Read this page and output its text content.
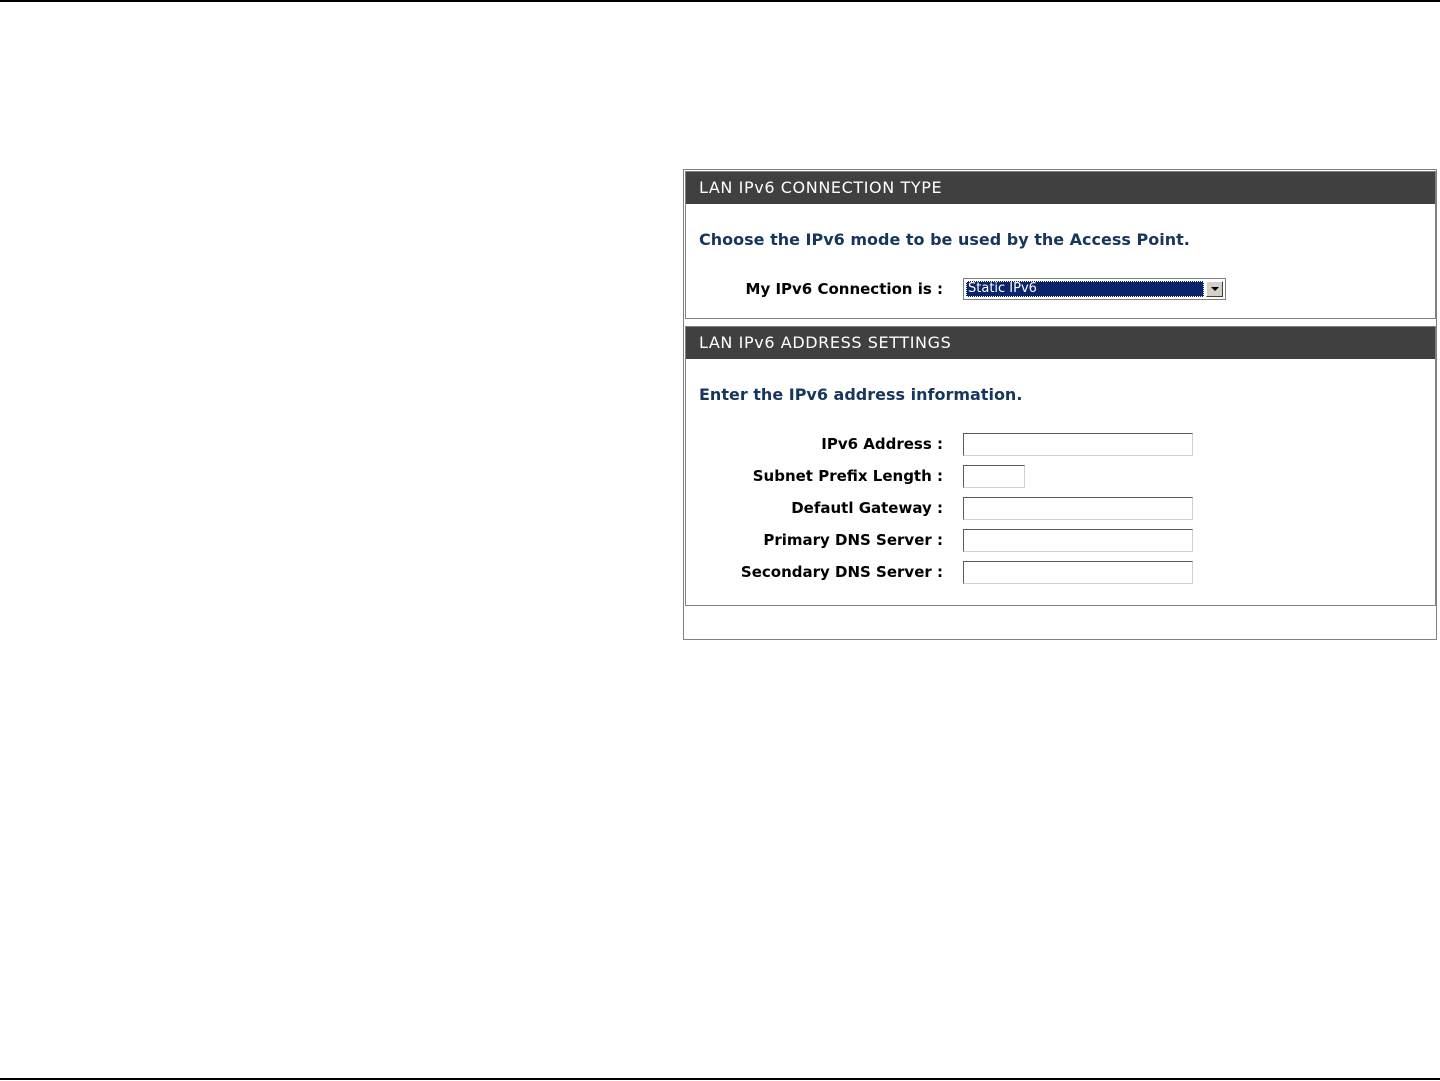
LAN IPv6 CONNECTION TYPE
Choose the IPv6 mode to be used by the Access Point.
My IPv6 Connection is : Static IPv6
LAN IPv6 ADDRESS SETTINGS
Enter the IPv6 address information.
IPv6 Address :
Subnet Prefix Length :
Defautl Gateway :
Primary DNS Server :
Secondary DNS Server :
